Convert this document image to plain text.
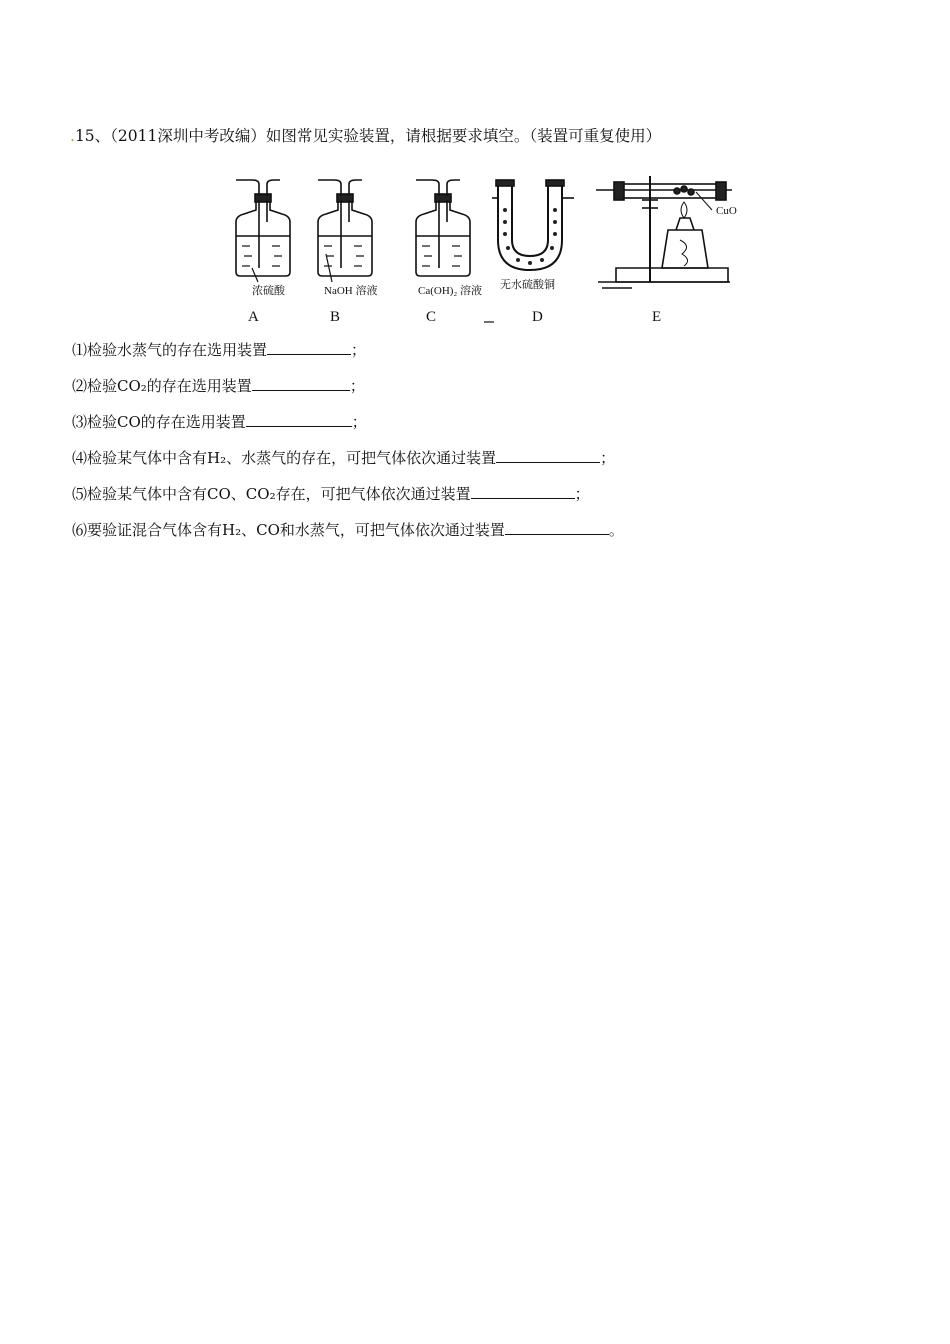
.15、（2011深圳中考改编）如图常见实验装置，请根据要求填空。（装置可重复使用）
浓硫酸	NaOH 溶液	Ca(OH)₂ 溶液 无水硫酸铜
CuO
A	B	C	D	E
⑴检验水蒸气的存在选用装置	；
⑵检验CO₂的存在选用装置	；
⑶检验CO的存在选用装置	；
⑷检验某气体中含有H₂、水蒸气的存在，可把气体依次通过装置	；
⑸检验某气体中含有CO、CO₂存在，可把气体依次通过装置	；
⑹要验证混合气体含有H₂、CO和水蒸气，可把气体依次通过装置	。
